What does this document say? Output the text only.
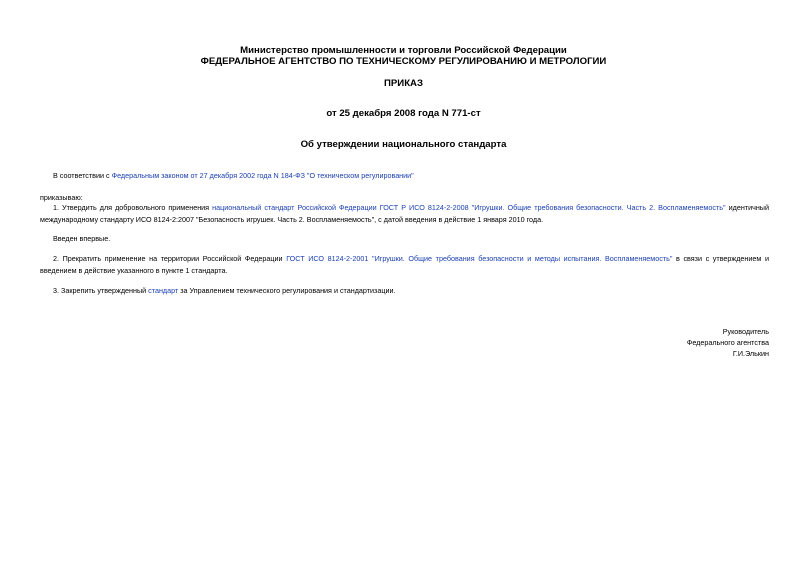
Министерство промышленности и торговли Российской Федерации
ФЕДЕРАЛЬНОЕ АГЕНТСТВО ПО ТЕХНИЧЕСКОМУ РЕГУЛИРОВАНИЮ И МЕТРОЛОГИИ
ПРИКАЗ
от 25 декабря 2008 года N 771-ст
Об утверждении национального стандарта
В соответствии с Федеральным законом от 27 декабря 2002 года N 184-ФЗ "О техническом регулировании"
приказываю:
1. Утвердить для добровольного применения национальный стандарт Российской Федерации ГОСТ Р ИСО 8124-2-2008 "Игрушки. Общие требования безопасности. Часть 2. Воспламеняемость" идентичный международному стандарту ИСО 8124-2:2007 "Безопасность игрушек. Часть 2. Воспламеняемость", с датой введения в действие 1 января 2010 года.
Введен впервые.
2. Прекратить применение на территории Российской Федерации ГОСТ ИСО 8124-2-2001 "Игрушки. Общие требования безопасности и методы испытания. Воспламеняемость" в связи с утверждением и введением в действие указанного в пункте 1 стандарта.
3. Закрепить утвержденный стандарт за Управлением технического регулирования и стандартизации.
Руководитель
Федерального агентства
Г.И.Элькин
